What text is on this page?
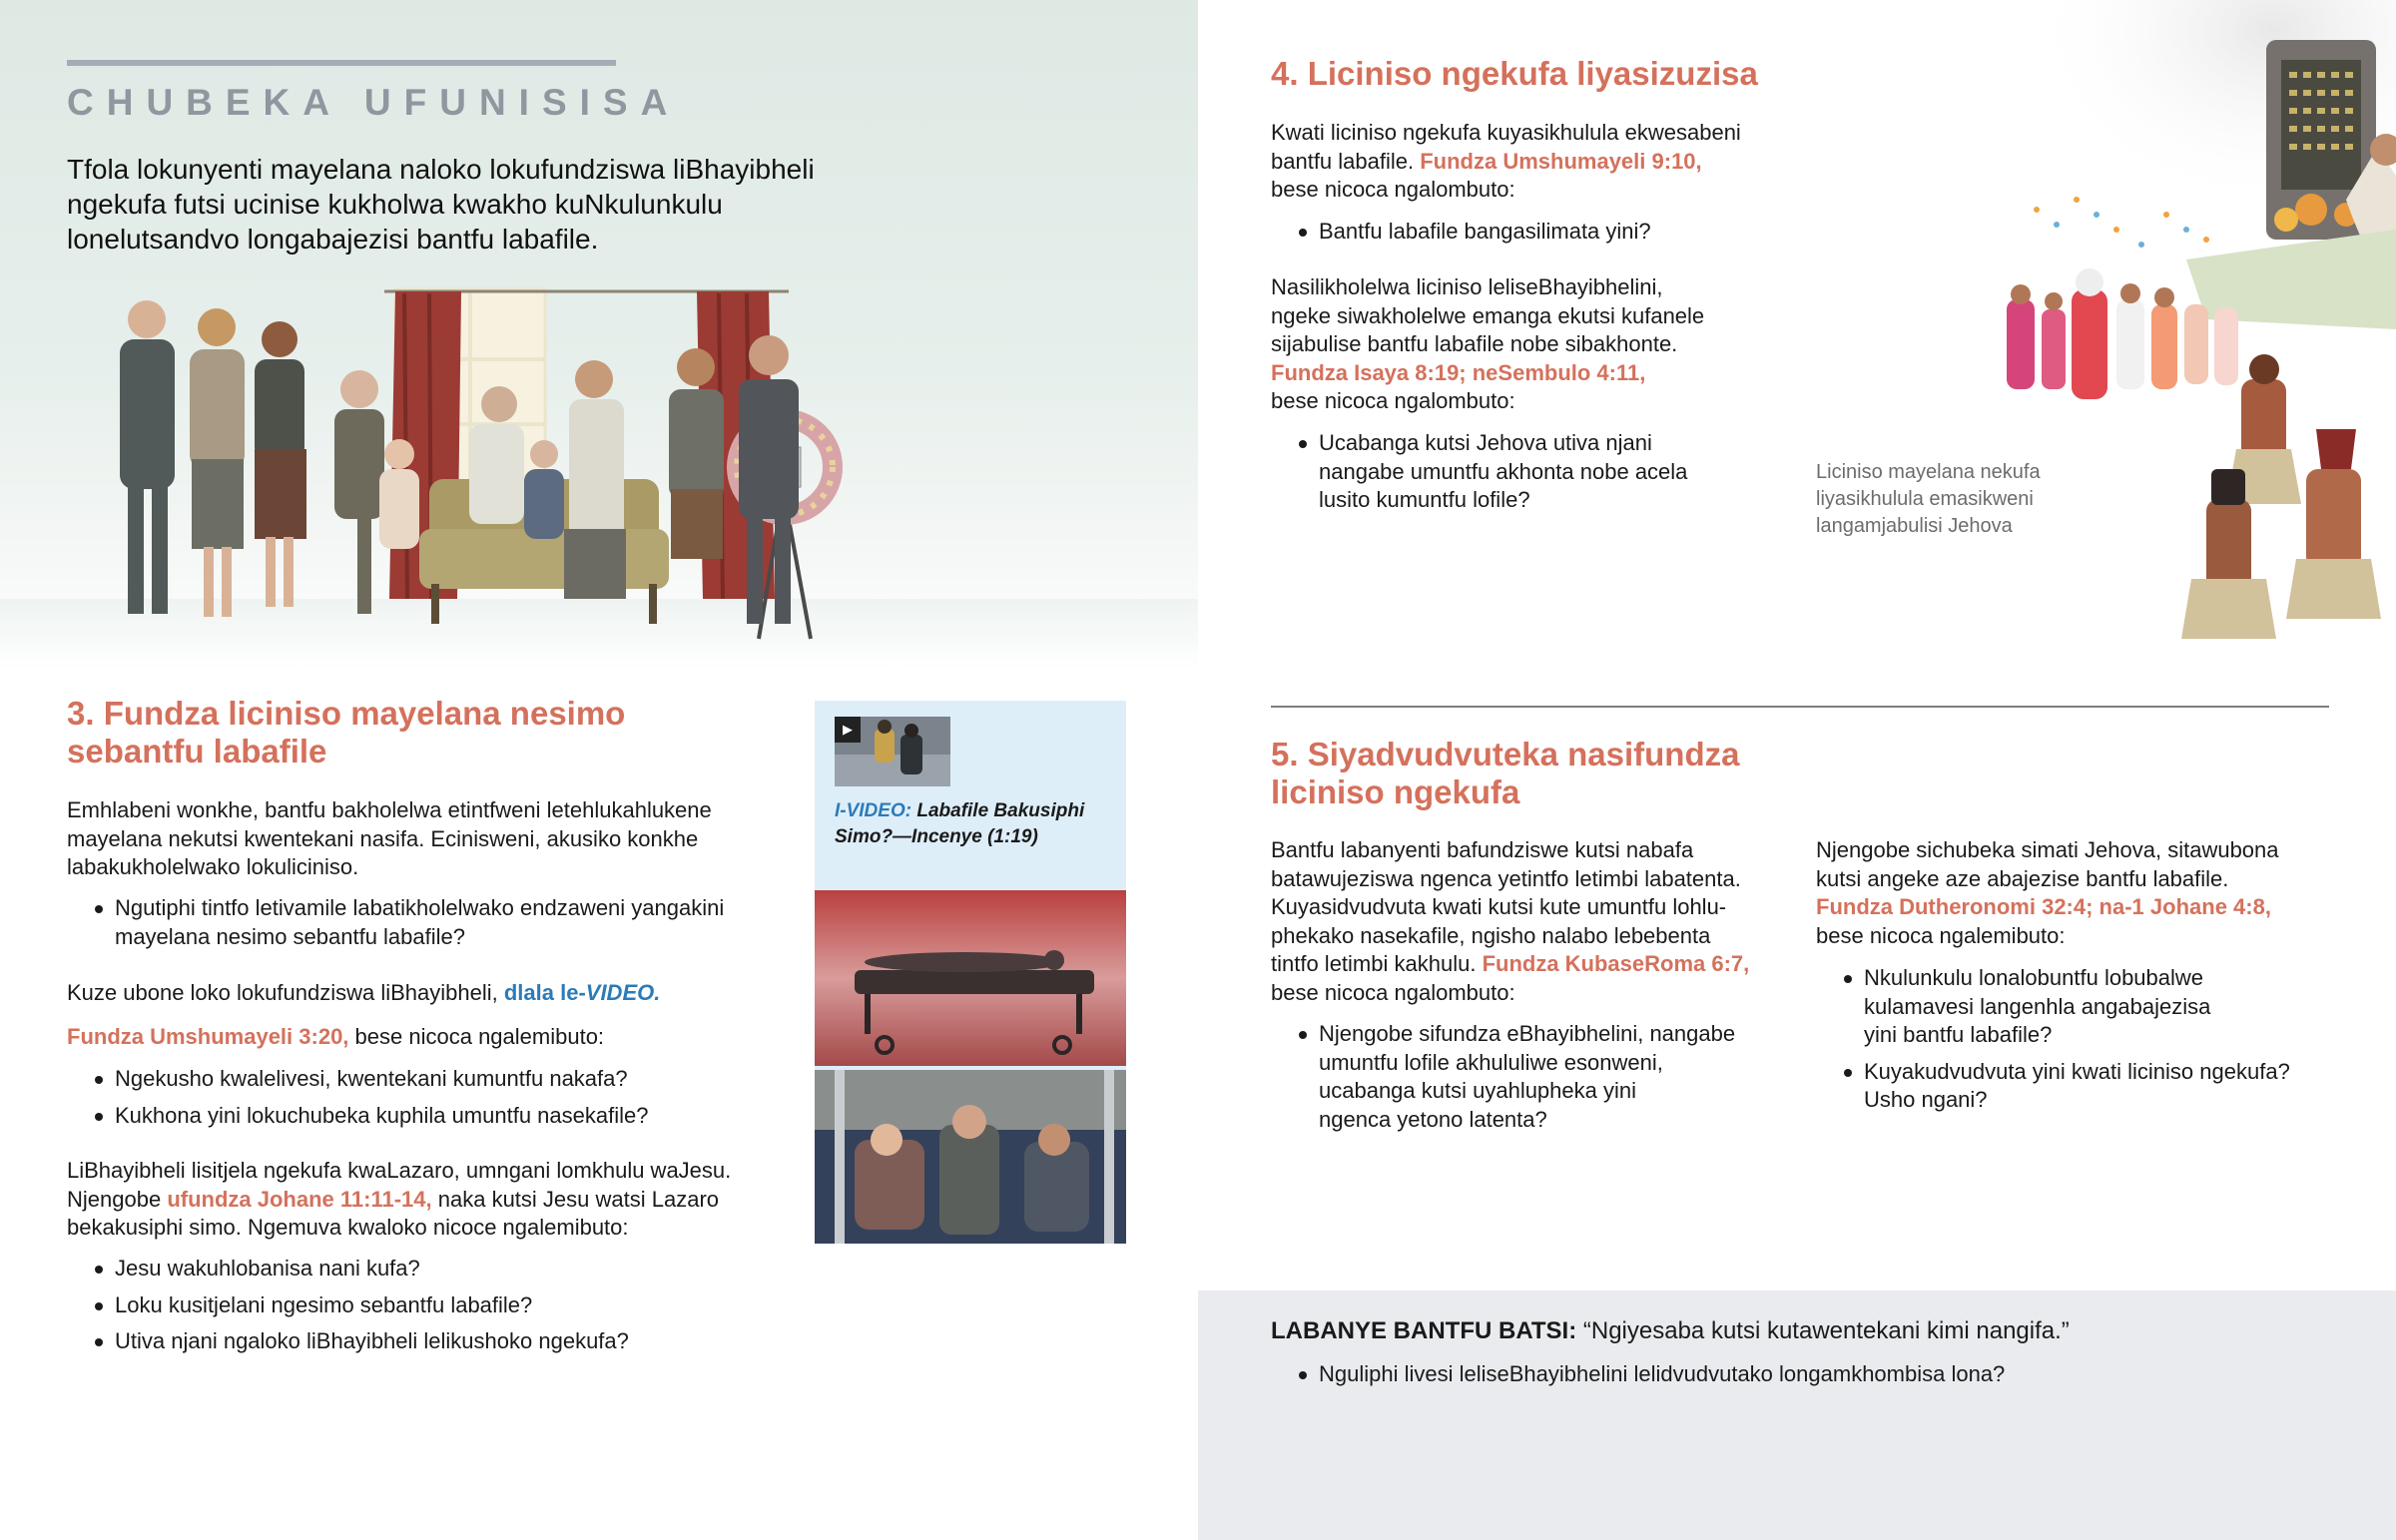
CHUBEKA UFUNISISA
Tfola lokunyenti mayelana naloko lokufundziswa liBhayibheli ngekufa futsi ucinise kukholwa kwakho kuNkulunkulu lonelutsandvo longabajezisi bantfu labafile.
3. Fundza liciniso mayelana nesimo
sebantfu labafile
Emhlabeni wonkhe, bantfu bakholelwa etintfweni letehlukahlukene
mayelana nekutsi kwentekani nasifa. Ecinisweni, akusiko konkhe
labakukholelwako lokuliciniso.
Ngutiphi tintfo letivamile labatikholelwako endzaweni yangakini
mayelana nesimo sebantfu labafile?
Kuze ubone loko lokufundziswa liBhayibheli, dlala le-VIDEO.
Fundza Umshumayeli 3:20, bese nicoca ngalemibuto:
Ngekusho kwalelivesi, kwentekani kumuntfu nakafa?
Kukhona yini lokuchubeka kuphila umuntfu nasekafile?
LiBhayibheli lisitjela ngekufa kwaLazaro, umngani lomkhulu waJesu.
Njengobe ufundza Johane 11:11-14, naka kutsi Jesu watsi Lazaro
bekakusiphi simo. Ngemuva kwaloko nicoce ngalemibuto:
Jesu wakuhlobanisa nani kufa?
Loku kusitjelani ngesimo sebantfu labafile?
Utiva njani ngaloko liBhayibheli lelikushoko ngekufa?
▶
I-VIDEO: Labafile Bakusiphi
Simo?—Incenye (1:19)
4. Liciniso ngekufa liyasizuzisa
Kwati liciniso ngekufa kuyasikhulula ekwesabeni
bantfu labafile. Fundza Umshumayeli 9:10,
bese nicoca ngalombuto:
Bantfu labafile bangasilimata yini?
Nasilikholelwa liciniso leliseBhayibhelini,
ngeke siwakholelwe emanga ekutsi kufanele
sijabulise bantfu labafile nobe sibakhonte.
Fundza Isaya 8:19; neSembulo 4:11,
bese nicoca ngalombuto:
Ucabanga kutsi Jehova utiva njani
nangabe umuntfu akhonta nobe acela
lusito kumuntfu lofile?
Liciniso mayelana nekufa
liyasikhulula emasikweni
langamjabulisi Jehova
5. Siyadvudvuteka nasifundza
liciniso ngekufa
Bantfu labanyenti bafundziswe kutsi nabafa
batawujeziswa ngenca yetintfo letimbi labatenta.
Kuyasidvudvuta kwati kutsi kute umuntfu lohlu-
phekako nasekafile, ngisho nalabo lebebenta
tintfo letimbi kakhulu. Fundza KubaseRoma 6:7,
bese nicoca ngalombuto:
Njengobe sifundza eBhayibhelini, nangabe
umuntfu lofile akhululiwe esonweni,
ucabanga kutsi uyahlupheka yini
ngenca yetono latenta?
Njengobe sichubeka simati Jehova, sitawubona
kutsi angeke aze abajezise bantfu labafile.
Fundza Dutheronomi 32:4; na-1 Johane 4:8,
bese nicoca ngalemibuto:
Nkulunkulu lonalobuntfu lobubalwe
kulamavesi langenhla angabajezisa
yini bantfu labafile?
Kuyakudvudvuta yini kwati liciniso ngekufa?
Usho ngani?
LABANYE BANTFU BATSI: “Ngiyesaba kutsi kutawentekani kimi nangifa.”
Nguliphi livesi leliseBhayibhelini lelidvudvutako longamkhombisa lona?
